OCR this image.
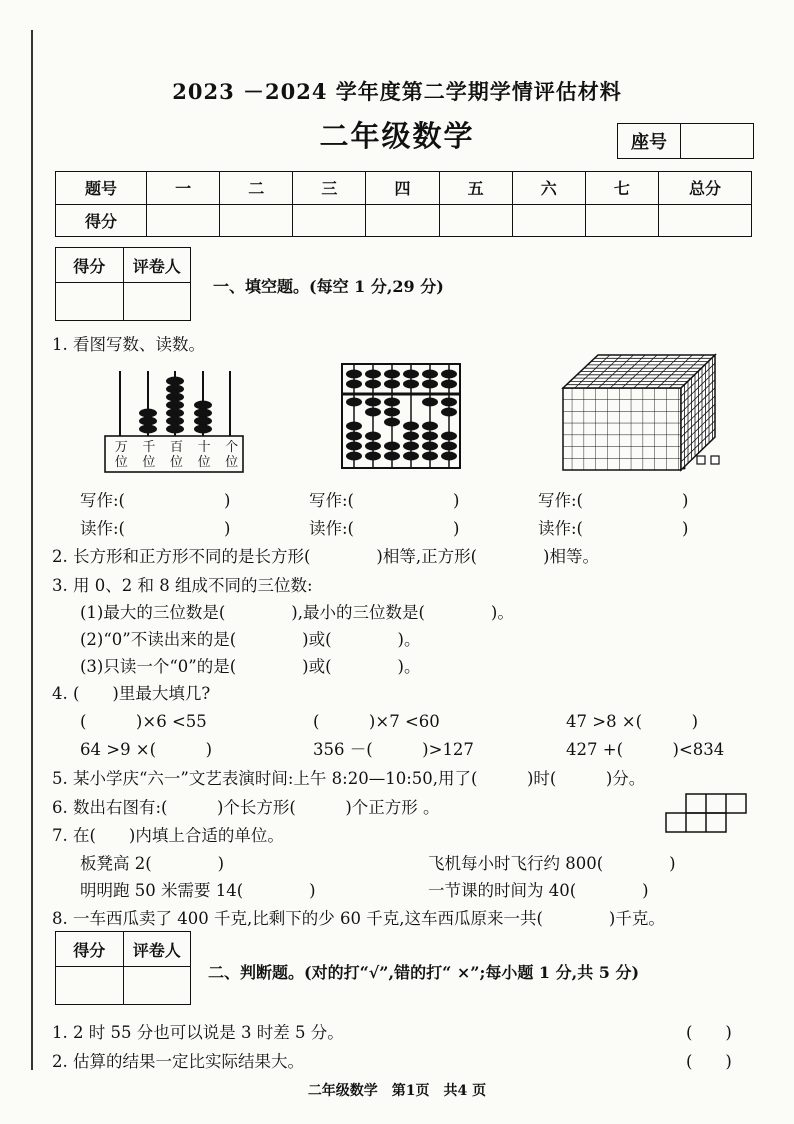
2023 －2024 学年度第二学期学情评估材料
二年级数学	座号
题号	一	二	三	四	五	六	七	总分
得分								
得分	评卷人
一、填空题。(每空 1 分,29 分)
1. 看图写数、读数。
万位
千位
百位
十位
个位
写作:(　　　　　　)	写作:(　　　　　　)	写作:(　　　　　　)
读作:(　　　　　　)	读作:(　　　　　　)	读作:(　　　　　　)
2. 长方形和正方形不同的是长方形(　　　　)相等,正方形(　　　　)相等。
3. 用 0、2 和 8 组成不同的三位数:
(1)最大的三位数是(　　　　),最小的三位数是(　　　　)。
(2)“0”不读出来的是(　　　　)或(　　　　)。
(3)只读一个“0”的是(　　　　)或(　　　　)。
4. (　　)里最大填几?
(　　　)×6 <55	(　　　)×7 <60	47 >8 ×(　　　)
64 >9 ×(　　　)	356 －(　　　)>127	427 +(　　　)<834
5. 某小学庆“六一”文艺表演时间:上午 8:20—10:50,用了(　　　)时(　　　)分。
6. 数出右图有:(　　　)个长方形(　　　)个正方形 。
7. 在(　　)内填上合适的单位。
板凳高 2(　　　　)	飞机每小时飞行约 800(　　　　)
明明跑 50 米需要 14(　　　　)	一节课的时间为 40(　　　　)
8. 一车西瓜卖了 400 千克,比剩下的少 60 千克,这车西瓜原来一共(　　　　)千克。
得分	评卷人
二、判断题。(对的打“√”,错的打“ ×”;每小题 1 分,共 5 分)
1. 2 时 55 分也可以说是 3 时差 5 分。	(　　)
2. 估算的结果一定比实际结果大。	(　　)
二年级数学　第1页　共4 页
